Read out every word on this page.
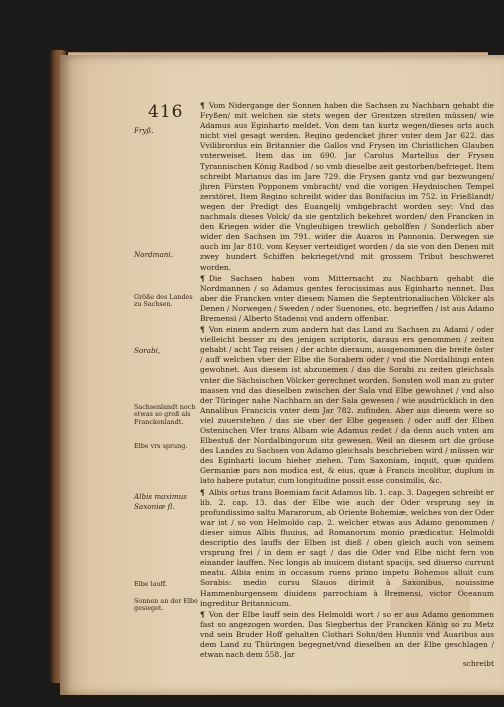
416
Fryß.
Nordmani.
Größe des Landes zu Sachsen.
Sorabi,
Sachsenlandt noch etwas so groß als Franckenlandt.
Elbe vrs sprung.
Albis maximus Saxoniæ fl.
Elbe lauff.
Sonnen an der Elbe gesieget.

¶ Vom Nidergange der Sonnen haben die Sachsen zu Nachbarn gehabt die Fryßen/ mit welchen sie stets wegen der Grentzen streiten müssen/ wie Adamus aus Eginharto meldet. Von dem tan kurtz wegen/dieses orts auch nicht viel gesagt werden. Regino gedencket jhrer vnter dem Jar 622. das Vvilibrordus ein Britannier die Gallos vnd Frysen im Christlichen Glauben vnterweiset. Item das im 690. Jar Carolus Martellus der Frysen Tyrannischen König Radbod / so vmb dieselbe zeit gestorben/befrieget. Item schreibt Marianus das im Jare 729. die Frysen gantz vnd gar bezwungen/ jhren Fürsten Popponem vmbracht/ vnd die vorigen Heydnischen Tempel zerstöret. Item Regino schreibt wider das Bonifacius im 752. in Frießlandt/ wegen der Predigt des Euangelij vmbgebracht worden sey: Vnd das nachmals dieses Volck/ da sie gentzlich bekehret worden/ den Francken in den Kriegen wider die Vngleubigen trewlich geholffen / Sonderlich aber wider den Sachsen im 791. wider die Auaros in Pannonia. Derwegen sie auch im Jar 810. vom Keyser verteidiget worden / da sie von den Denen mit zwey hundert Schiffen bekrieget/vnd mit grossem Tribut beschweret worden.

¶ Die Sachsen haben vom Mitternacht zu Nachbarn gehabt die Nordmannen / so Adamus gentes ferocissimas aus Eginharto nennet. Das aber die Francken vnter diesem Namen die Septentrionalischen Völcker als Denen / Norwegen / Sweden / oder Suenones, etc. begrieffen / ist aus Adamo Bremensi / Alberto Stadensi vnd andern offenbar.

¶ Von einem andern zum andern hat das Land zu Sachsen zu Adami / oder vielleicht besser zu des jenigen scriptoris, daraus ers genommen / zeiten gehabt / acht Tag reisen / der achte dieraum, ausgenommen die breite öster / auff welchen vber der Elbe die Sorabern oder / vnd die Nordalbingi enten gewohnet. Aus diesem ist abzunemen / das die Sorabi zu zeiten gleichsals vnter die Sächsischen Völcker gerechnet worden. Sonsten woll man zu guter massen vnd das dieselben zwischen der Sala vnd Elbe gewohnet / vnd also der Türinger nahe Nachbarn an der Sala gewesen / wie ausdrücklich in den Annalibus Francicis vnter dem Jar 782. zufinden. Aber aus diesem were so viel zuuerstehen / das sie vber der Elbe gegessen / oder auff der Elben Ostenischen Vfer trans Albam wie Adamus redet / da denn auch vnten am Elbestuß der Nordalbingorum sitz gewesen. Weil an diesem ort die grösse des Landes zu Sachsen von Adamo gleichsals beschrieben wird / müssen wir des Eginharti locum hieher ziehen. Tum Saxoniam, inquit, quæ quidem Germaniæ pars non modica est, & eius, quæ à Francis incolitur, duplum in lato habere putatur, cum longitudine possit esse consimilis, &c.

¶ Albis ortus trans Boemiam facit Adamus lib. 1. cap. 3. Dagegen schreibt er lib. 2. cap. 13. das der Elbe wie auch der Oder vrsprung sey in profundissimo saltu Mararorum, ab Oriente Bohemiæ, welches von der Oder war ist / so von Helmoldo cap. 2. welcher etwas aus Adamo genommen / dieser simus Albis fluuius, ad Romanorum monio prædicatur. Helmoldi descriptio des lauffs der Elben ist dieß / oben gleich auch von seinem vrsprung frei / in dem er sagt / das die Oder vnd Elbe nicht fern von einander lauffen. Nec longis ab inuicem distant spacijs, sed diuerso currunt meatu. Albia enim in occasum ruens primo impetu Bohemos alluit cum Sorabis: medio cursu Slauos dirimit à Saxonibus, nouissime Hammenburgensem diuidens parrochiam à Bremensi, victor Oceanum ingreditur Britannicum.

¶ Von der Elbe lauff sein des Helmoldi wort / so er aus Adamo genommen fast so angezogen worden. Das Siegbertus der Francken König so zu Metz vnd sein Bruder Hoff gehalten Clothari Sohn/den Hunnis vnd Auaribus aus dem Land zu Thüringen begegnet/vnd dieselben an der Elbe geschlagen / etwan nach dem 558. Jar

schreibt
